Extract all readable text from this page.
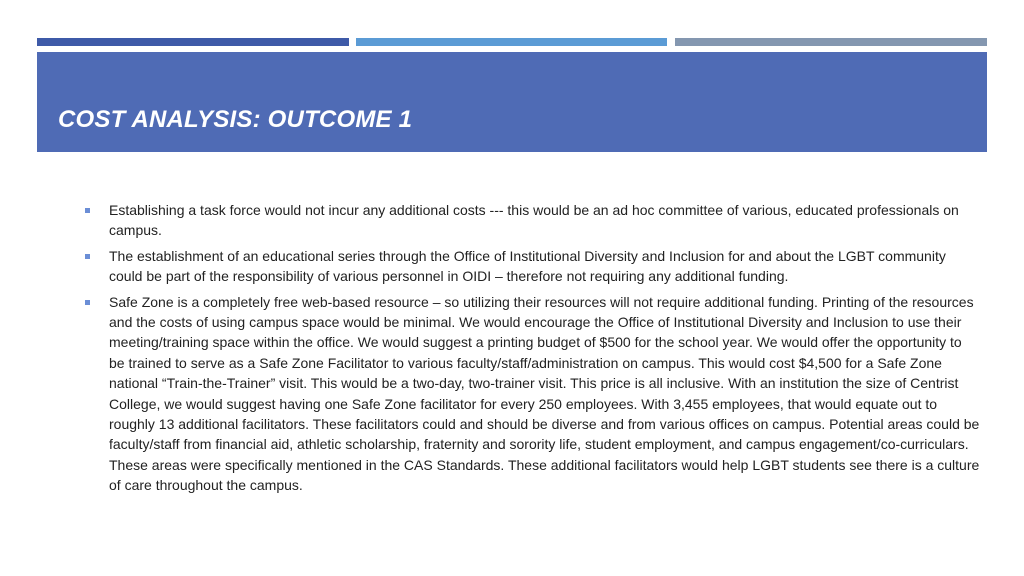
COST ANALYSIS: OUTCOME 1
Establishing a task force would not incur any additional costs --- this would be an ad hoc committee of various, educated professionals on campus.
The establishment of an educational series through the Office of Institutional Diversity and Inclusion for and about the LGBT community could be part of the responsibility of various personnel in OIDI – therefore not requiring any additional funding.
Safe Zone is a completely free web-based resource – so utilizing their resources will not require additional funding. Printing of the resources and the costs of using campus space would be minimal. We would encourage the Office of Institutional Diversity and Inclusion to use their meeting/training space within the office. We would suggest a printing budget of $500 for the school year. We would offer the opportunity to be trained to serve as a Safe Zone Facilitator to various faculty/staff/administration on campus. This would cost $4,500 for a Safe Zone national “Train-the-Trainer” visit. This would be a two-day, two-trainer visit. This price is all inclusive. With an institution the size of Centrist College, we would suggest having one Safe Zone facilitator for every 250 employees. With 3,455 employees, that would equate out to roughly 13 additional facilitators. These facilitators could and should be diverse and from various offices on campus. Potential areas could be faculty/staff from financial aid, athletic scholarship, fraternity and sorority life, student employment, and campus engagement/co-curriculars. These areas were specifically mentioned in the CAS Standards. These additional facilitators would help LGBT students see there is a culture of care throughout the campus.
